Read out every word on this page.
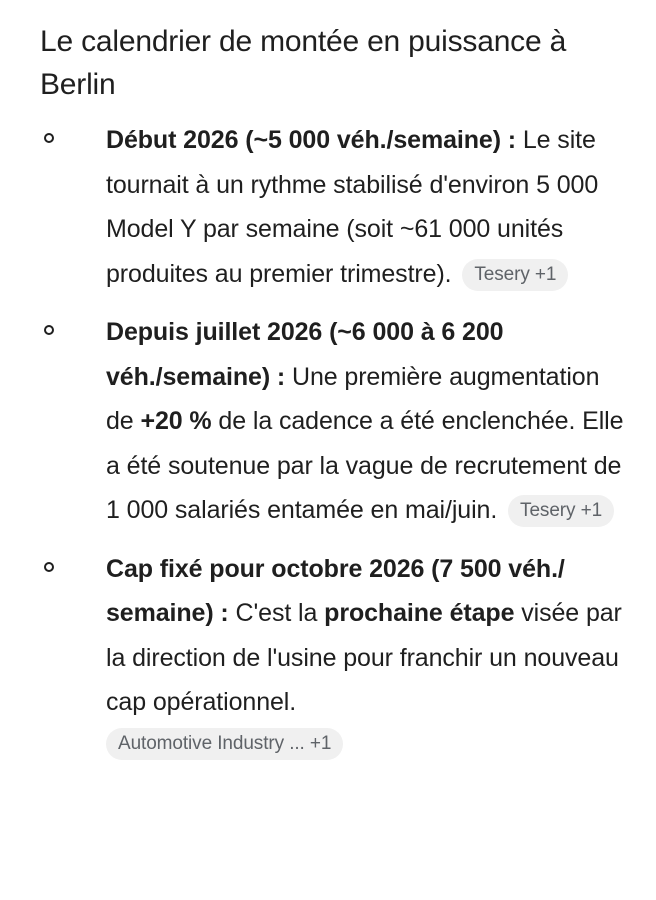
Le calendrier de montée en puissance à Berlin
Début 2026 (~5 000 véh./semaine) : Le site tournait à un rythme stabilisé d'environ 5 000 Model Y par semaine (soit ~61 000 unités produites au premier trimestre). Tesery +1
Depuis juillet 2026 (~6 000 à 6 200 véh./semaine) : Une première augmentation de +20 % de la cadence a été enclenchée. Elle a été soutenue par la vague de recrutement de 1 000 salariés entamée en mai/juin. Tesery +1
Cap fixé pour octobre 2026 (7 500 véh./ semaine) : C'est la prochaine étape visée par la direction de l'usine pour franchir un nouveau cap opérationnel.
Automotive Industry ... +1
